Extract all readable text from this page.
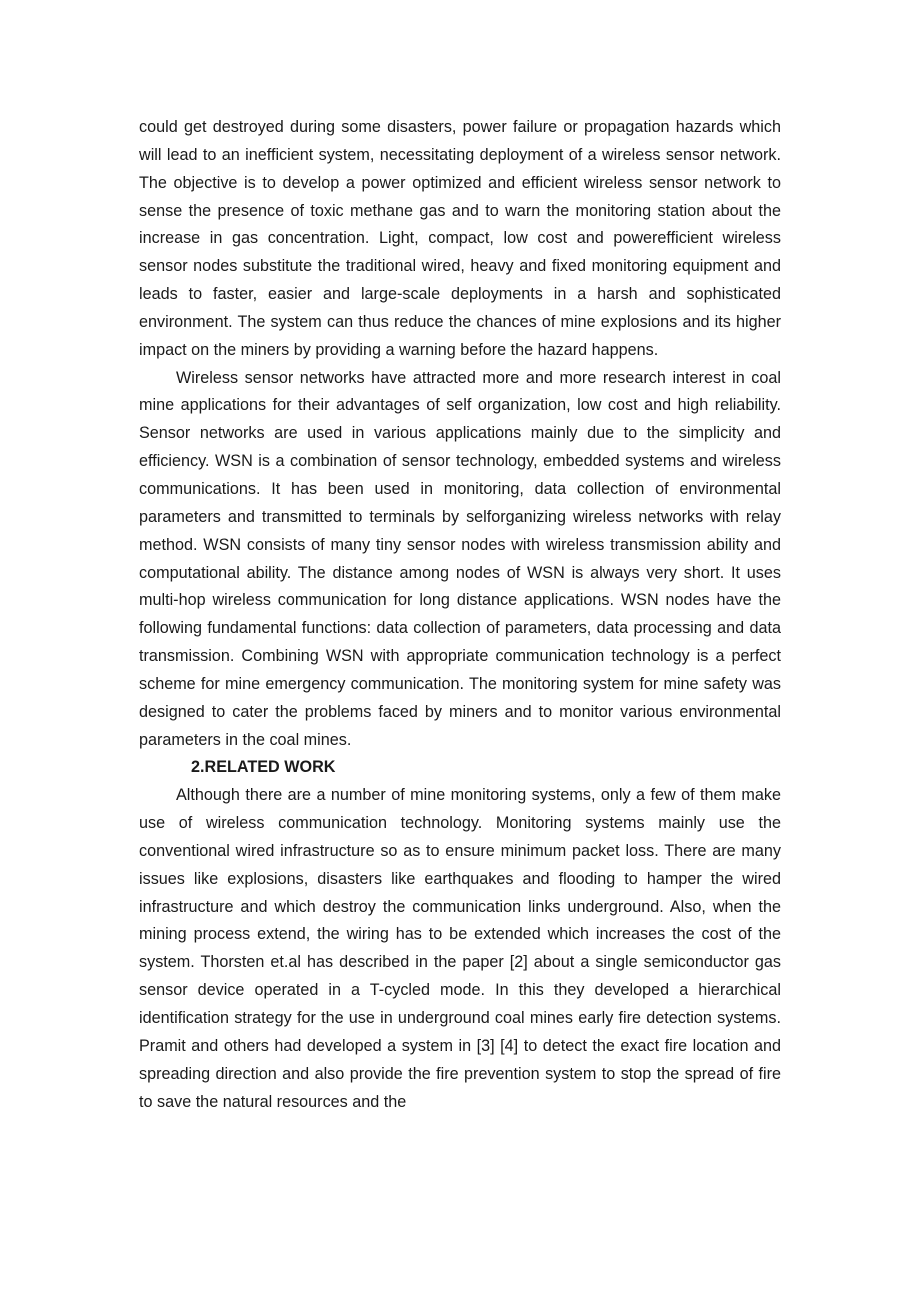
could get destroyed during some disasters, power failure or propagation hazards which will lead to an inefficient system, necessitating deployment of a wireless sensor network. The objective is to develop a power optimized and efficient wireless sensor network to sense the presence of toxic methane gas and to warn the monitoring station about the increase in gas concentration. Light, compact, low cost and powerefficient wireless sensor nodes substitute the traditional wired, heavy and fixed monitoring equipment and leads to faster, easier and large-scale deployments in a harsh and sophisticated environment. The system can thus reduce the chances of mine explosions and its higher impact on the miners by providing a warning before the hazard happens.

Wireless sensor networks have attracted more and more research interest in coal mine applications for their advantages of self organization, low cost and high reliability. Sensor networks are used in various applications mainly due to the simplicity and efficiency. WSN is a combination of sensor technology, embedded systems and wireless communications. It has been used in monitoring, data collection of environmental parameters and transmitted to terminals by selforganizing wireless networks with relay method. WSN consists of many tiny sensor nodes with wireless transmission ability and computational ability. The distance among nodes of WSN is always very short. It uses multi-hop wireless communication for long distance applications. WSN nodes have the following fundamental functions: data collection of parameters, data processing and data transmission. Combining WSN with appropriate communication technology is a perfect scheme for mine emergency communication. The monitoring system for mine safety was designed to cater the problems faced by miners and to monitor various environmental parameters in the coal mines.

2.RELATED WORK

Although there are a number of mine monitoring systems, only a few of them make use of wireless communication technology. Monitoring systems mainly use the conventional wired infrastructure so as to ensure minimum packet loss. There are many issues like explosions, disasters like earthquakes and flooding to hamper the wired infrastructure and which destroy the communication links underground. Also, when the mining process extend, the wiring has to be extended which increases the cost of the system. Thorsten et.al has described in the paper [2] about a single semiconductor gas sensor device operated in a T-cycled mode. In this they developed a hierarchical identification strategy for the use in underground coal mines early fire detection systems. Pramit and others had developed a system in [3] [4] to detect the exact fire location and spreading direction and also provide the fire prevention system to stop the spread of fire to save the natural resources and the
